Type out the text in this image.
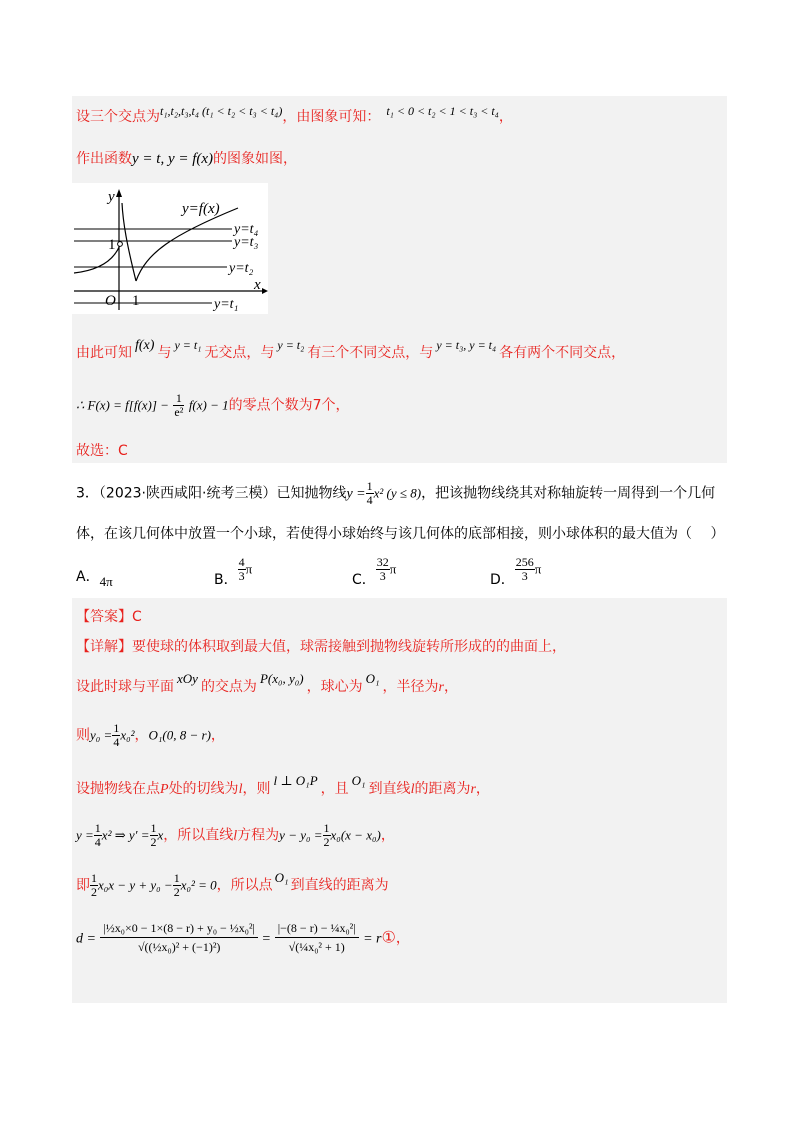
设三个交点为t₁,t₂,t₃,t₄ (t₁ < t₂ < t₃ < t₄)，由图象可知： t₁ < 0 < t₂ < 1 < t₃ < t₄，
作出函数y = t, y = f(x)的图象如图，
y=f(x)
y=t₄
y=t₃
y=t₂
y=t₁
x
y
O 1
1
由此可知 f(x) 与 y = t₁ 无交点，与 y = t₂ 有三个不同交点，与 y = t₃, y = t₄ 各有两个不同交点，
∴ $F(x) = f[f(x)] - \frac{1}{\text{e²}} f(x) - 1$的零点个数为7个，
故选：C
3．（2023·陕西咸阳·统考三模）已知抛物线$y = \frac{1}{4} x^2$ (y ≤ 8)，把该抛物线绕其对称轴旋转一周得到一个几何
体，在该几何体中放置一个小球，若使得小球始终与该几何体的底部相接，则小球体积的最大值为（　 ）
A．4π	B． $\frac{4}{3}$ π
C． $\frac{32}{3}$ π
D． $\frac{256}{3}$ π
【答案】C
【详解】要使球的体积取到最大值，球需接触到抛物线旋转所形成的的曲面上，
设此时球与平面xOy的交点为P(x₀, y₀)，球心为O₁，半径为r，
则$y_0 = \frac{1}{4} x_0^2$，O₁(0, 8 − r)，
设抛物线在点P处的切线为l，则l ⊥ O₁P，且O₁到直线l的距离为r，
$y = \frac{1}{4} x^2$ ⇒ $y' = \frac{1}{2}$ x，所以直线l方程为$y - y_0 = \frac{1}{2} x_0(x - x_0)$，
即 $\frac{1}{2} x_0x - y + y_0 - \frac{1}{2} x_0^2 = 0$，所以点O₁到直线的距离为
$d = \frac{\text{|½x₀×0 − 1×(8 − r) + y₀ − ½x₀²|}}{\text{√((½x₀)² + (−1)²)}} = \frac{\text{|−(8 − r) − ¼x₀²|}}{\text{√(¼x₀² + 1)}}$ = r①，
